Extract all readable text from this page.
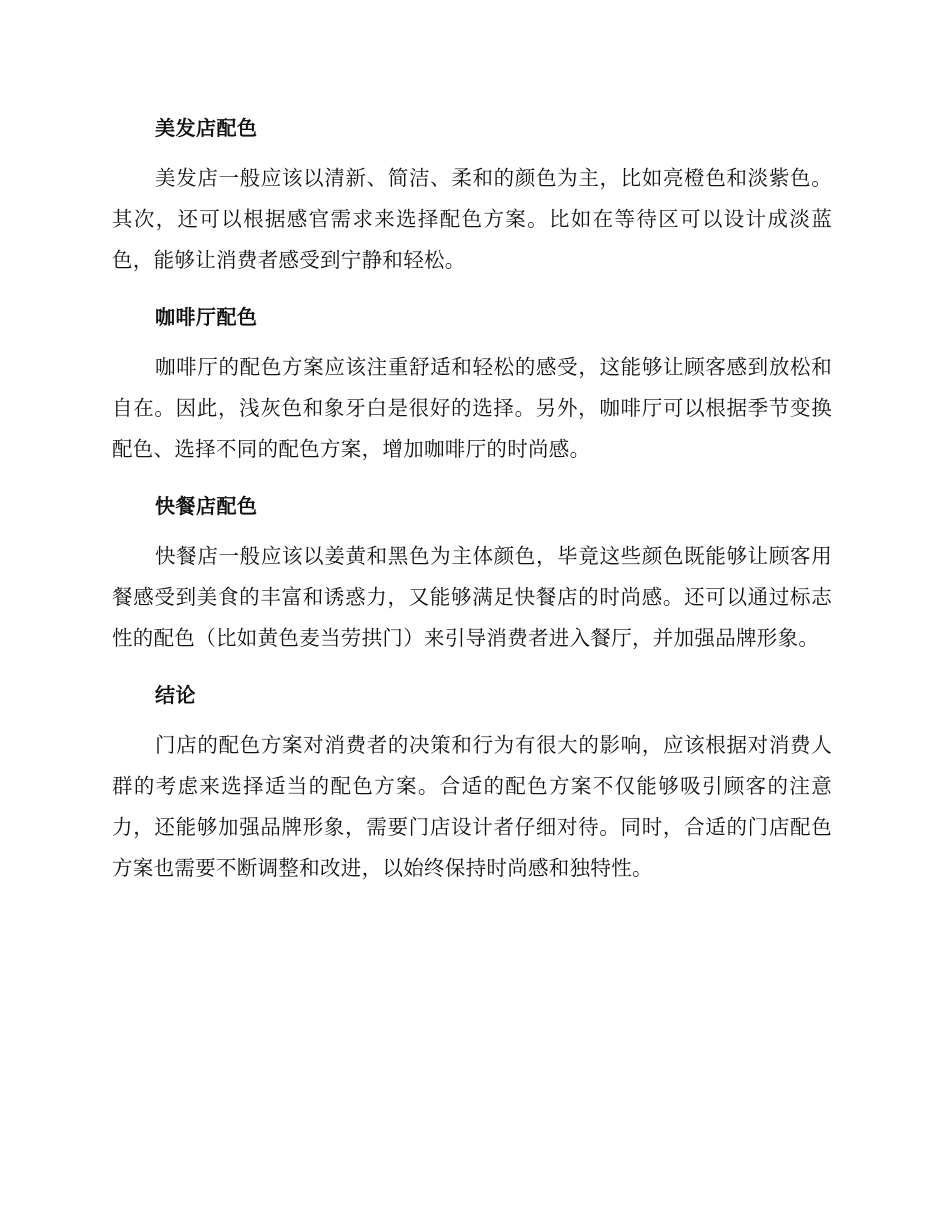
美发店配色

美发店一般应该以清新、简洁、柔和的颜色为主，比如亮橙色和淡紫色。其次，还可以根据感官需求来选择配色方案。比如在等待区可以设计成淡蓝色，能够让消费者感受到宁静和轻松。

咖啡厅配色

咖啡厅的配色方案应该注重舒适和轻松的感受，这能够让顾客感到放松和自在。因此，浅灰色和象牙白是很好的选择。另外，咖啡厅可以根据季节变换配色、选择不同的配色方案，增加咖啡厅的时尚感。

快餐店配色

快餐店一般应该以姜黄和黑色为主体颜色，毕竟这些颜色既能够让顾客用餐感受到美食的丰富和诱惑力，又能够满足快餐店的时尚感。还可以通过标志性的配色（比如黄色麦当劳拱门）来引导消费者进入餐厅，并加强品牌形象。

结论

门店的配色方案对消费者的决策和行为有很大的影响，应该根据对消费人群的考虑来选择适当的配色方案。合适的配色方案不仅能够吸引顾客的注意力，还能够加强品牌形象，需要门店设计者仔细对待。同时，合适的门店配色方案也需要不断调整和改进，以始终保持时尚感和独特性。
